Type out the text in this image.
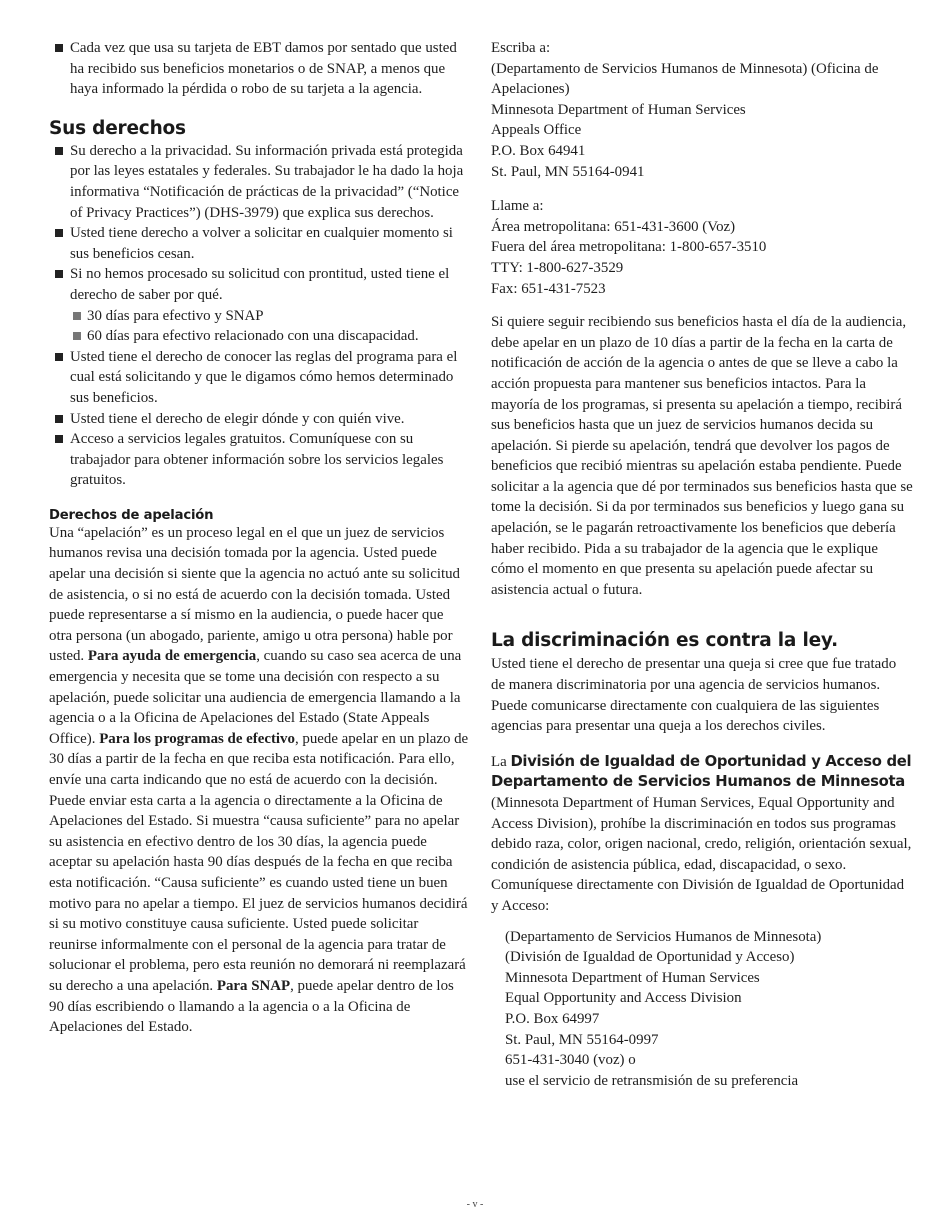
Cada vez que usa su tarjeta de EBT damos por sentado que usted ha recibido sus beneficios monetarios o de SNAP, a menos que haya informado la pérdida o robo de su tarjeta a la agencia.
Sus derechos
Su derecho a la privacidad. Su información privada está protegida por las leyes estatales y federales. Su trabajador le ha dado la hoja informativa “Notificación de prácticas de la privacidad” (“Notice of Privacy Practices”) (DHS-3979) que explica sus derechos.
Usted tiene derecho a volver a solicitar en cualquier momento si sus beneficios cesan.
Si no hemos procesado su solicitud con prontitud, usted tiene el derecho de saber por qué.
30 días para efectivo y SNAP
60 días para efectivo relacionado con una discapacidad.
Usted tiene el derecho de conocer las reglas del programa para el cual está solicitando y que le digamos cómo hemos determinado sus beneficios.
Usted tiene el derecho de elegir dónde y con quién vive.
Acceso a servicios legales gratuitos. Comuníquese con su trabajador para obtener información sobre los servicios legales gratuitos.
Derechos de apelación

Una “apelación” es un proceso legal en el que un juez de servicios humanos revisa una decisión tomada por la agencia. Usted puede apelar una decisión si siente que la agencia no actuó ante su solicitud de asistencia, o si no está de acuerdo con la decisión tomada. Usted puede representarse a sí mismo en la audiencia, o puede hacer que otra persona (un abogado, pariente, amigo u otra persona) hable por usted. Para ayuda de emergencia, cuando su caso sea acerca de una emergencia y necesita que se tome una decisión con respecto a su apelación, puede solicitar una audiencia de emergencia llamando a la agencia o a la Oficina de Apelaciones del Estado (State Appeals Office). Para los programas de efectivo, puede apelar en un plazo de 30 días a partir de la fecha en que reciba esta notificación. Para ello, envíe una carta indicando que no está de acuerdo con la decisión. Puede enviar esta carta a la agencia o directamente a la Oficina de Apelaciones del Estado. Si muestra “causa suficiente” para no apelar su asistencia en efectivo dentro de los 30 días, la agencia puede aceptar su apelación hasta 90 días después de la fecha en que reciba esta notificación. “Causa suficiente” es cuando usted tiene un buen motivo para no apelar a tiempo. El juez de servicios humanos decidirá si su motivo constituye causa suficiente. Usted puede solicitar reunirse informalmente con el personal de la agencia para tratar de solucionar el problema, pero esta reunión no demorará ni reemplazará su derecho a una apelación. Para SNAP, puede apelar dentro de los 90 días escribiendo o llamando a la agencia o a la Oficina de Apelaciones del Estado.

Escriba a:
(Departamento de Servicios Humanos de Minnesota) (Oficina de Apelaciones)
Minnesota Department of Human Services
Appeals Office
P.O. Box 64941
St. Paul, MN 55164-0941
Llame a:
Área metropolitana: 651-431-3600 (Voz)
Fuera del área metropolitana: 1-800-657-3510
TTY: 1-800-627-3529
Fax: 651-431-7523

Si quiere seguir recibiendo sus beneficios hasta el día de la audiencia, debe apelar en un plazo de 10 días a partir de la fecha en la carta de notificación de acción de la agencia o antes de que se lleve a cabo la acción propuesta para mantener sus beneficios intactos. Para la mayoría de los programas, si presenta su apelación a tiempo, recibirá sus beneficios hasta que un juez de servicios humanos decida su apelación. Si pierde su apelación, tendrá que devolver los pagos de beneficios que recibió mientras su apelación estaba pendiente. Puede solicitar a la agencia que dé por terminados sus beneficios hasta que se tome la decisión. Si da por terminados sus beneficios y luego gana su apelación, se le pagarán retroactivamente los beneficios que debería haber recibido. Pida a su trabajador de la agencia que le explique cómo el momento en que presenta su apelación puede afectar su asistencia actual o futura.

La discriminación es contra la ley.

Usted tiene el derecho de presentar una queja si cree que fue tratado de manera discriminatoria por una agencia de servicios humanos. Puede comunicarse directamente con cualquiera de las siguientes agencias para presentar una queja a los derechos civiles.

La División de Igualdad de Oportunidad y Acceso del Departamento de Servicios Humanos de Minnesota (Minnesota Department of Human Services, Equal Opportunity and Access Division), prohíbe la discriminación en todos sus programas debido raza, color, origen nacional, credo, religión, orientación sexual, condición de asistencia pública, edad, discapacidad, o sexo. Comuníquese directamente con División de Igualdad de Oportunidad y Acceso:

(Departamento de Servicios Humanos de Minnesota)
(División de Igualdad de Oportunidad y Acceso)
Minnesota Department of Human Services
Equal Opportunity and Access Division
P.O. Box 64997
St. Paul, MN 55164-0997
651-431-3040 (voz) o
use el servicio de retransmisión de su preferencia
- v -
